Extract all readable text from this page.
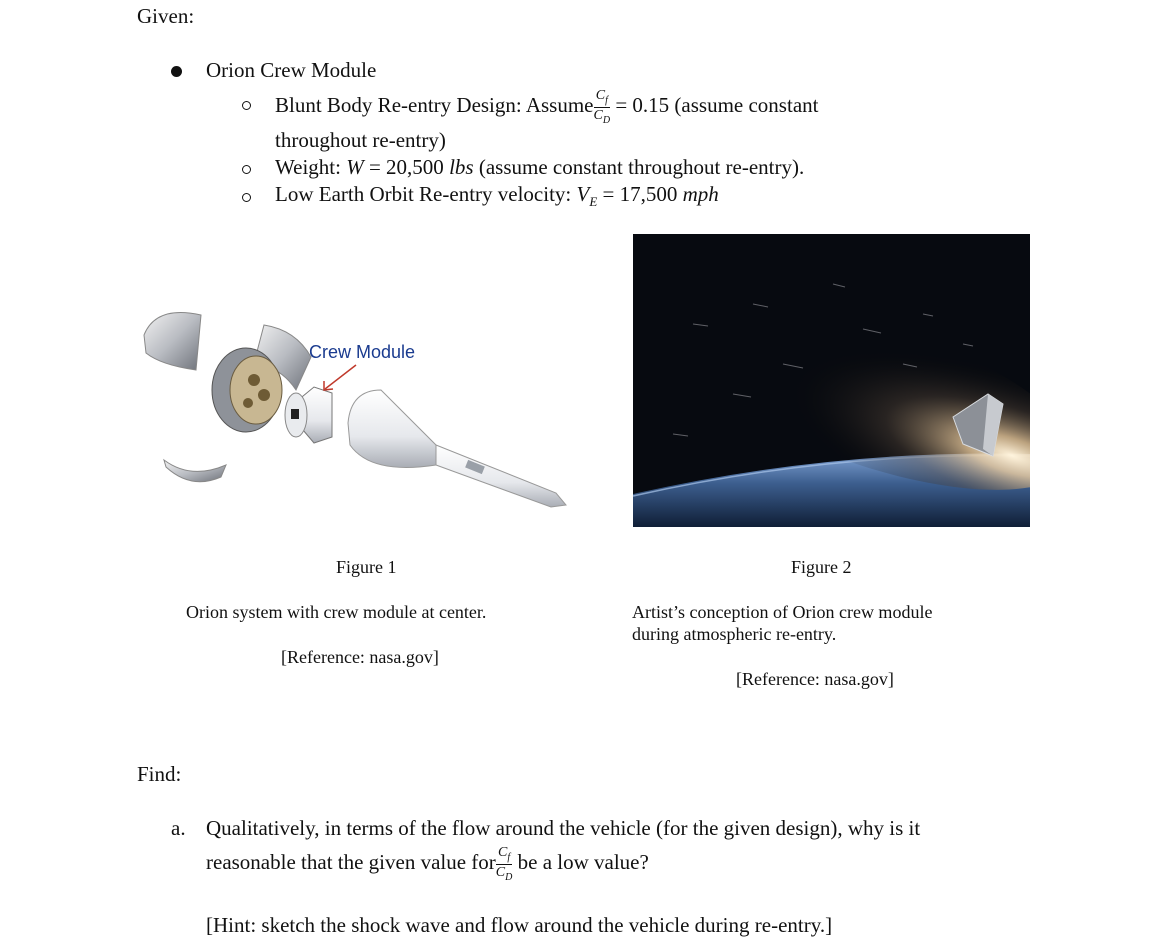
Given:
Orion Crew Module
Blunt Body Re-entry Design: Assume $\frac{C_f}{C_D} = 0.15$ (assume constant
throughout re-entry)
Weight: W = 20,500 lbs (assume constant throughout re-entry).
Low Earth Orbit Re-entry velocity: $V_E = 17,500$ mph
Crew Module
Figure 1
Orion system with crew module at center.
[Reference: nasa.gov]
Figure 2
Artist’s conception of Orion crew module
during atmospheric re-entry.
[Reference: nasa.gov]
Find:
a. Qualitatively, in terms of the flow around the vehicle (for the given design), why is it
reasonable that the given value for $\frac{C_f}{C_D}$ be a low value?
[Hint: sketch the shock wave and flow around the vehicle during re-entry.]
